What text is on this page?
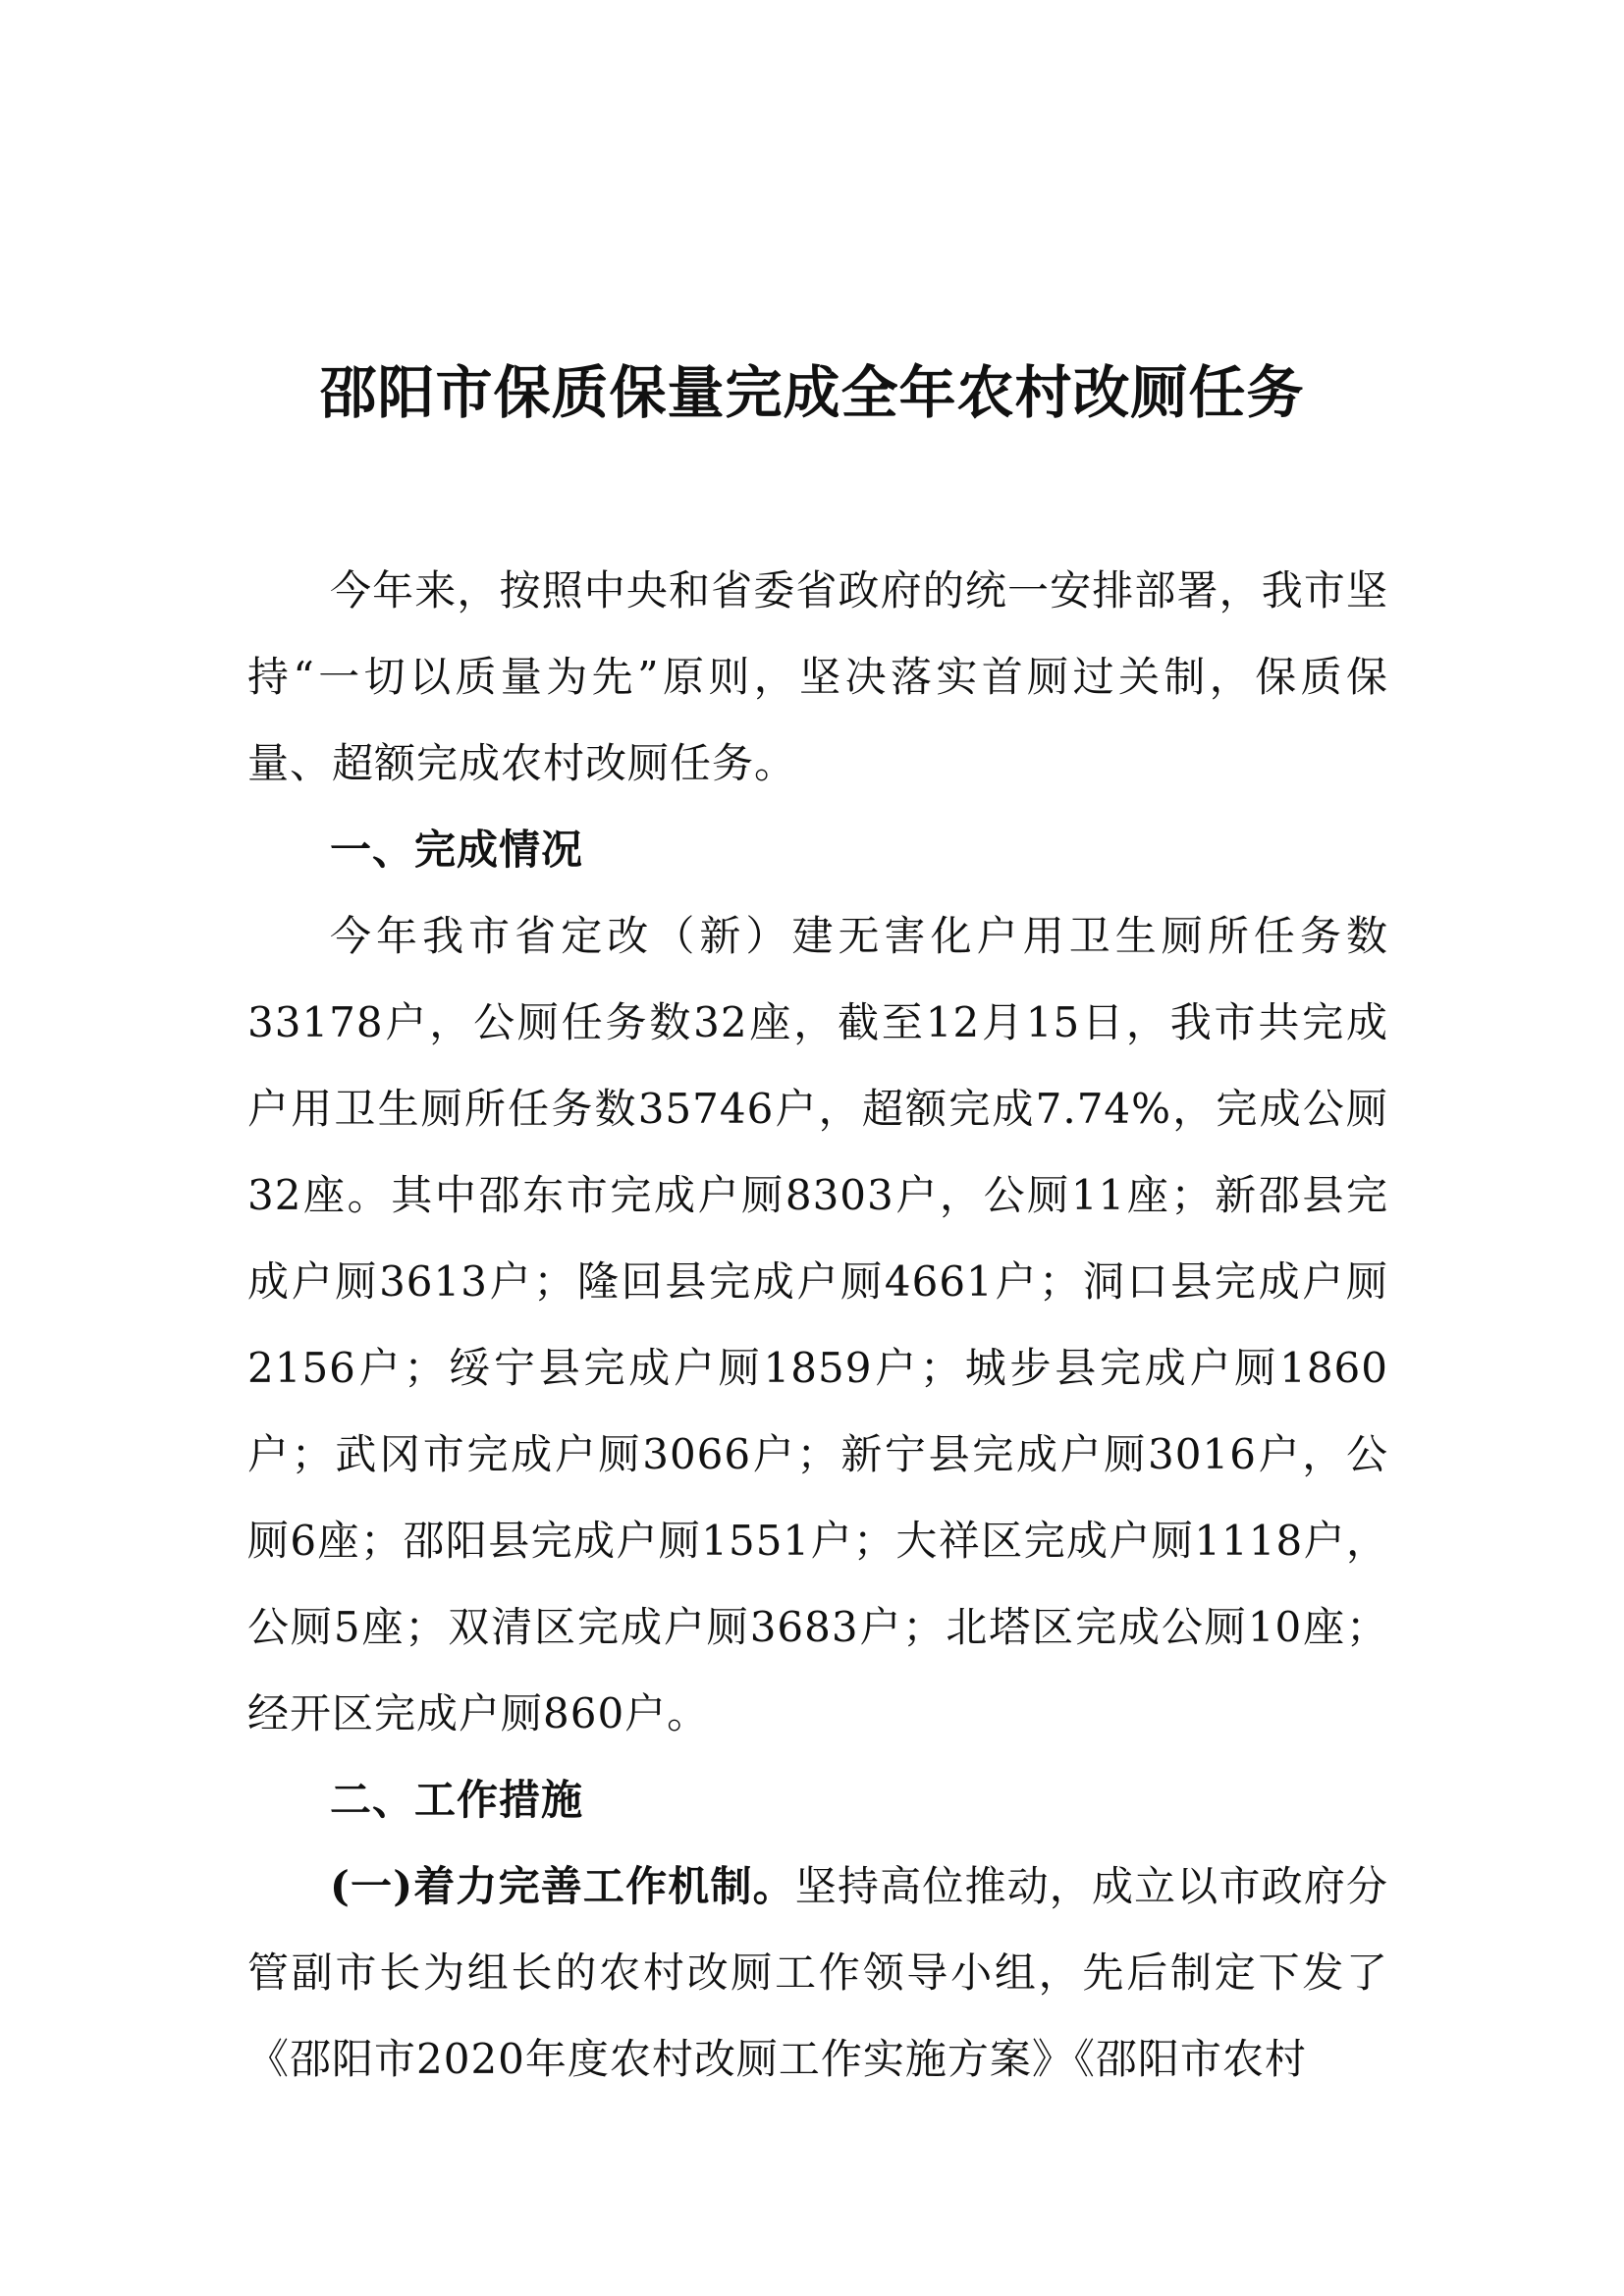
邵阳市保质保量完成全年农村改厕任务

今年来，按照中央和省委省政府的统一安排部署，我市坚持“一切以质量为先”原则，坚决落实首厕过关制，保质保量、超额完成农村改厕任务。

一、完成情况

今年我市省定改（新）建无害化户用卫生厕所任务数33178户，公厕任务数32座，截至12月15日，我市共完成户用卫生厕所任务数35746户，超额完成7.74%，完成公厕32座。其中邵东市完成户厕8303户，公厕11座；新邵县完成户厕3613户；隆回县完成户厕4661户；洞口县完成户厕2156户；绥宁县完成户厕1859户；城步县完成户厕1860户；武冈市完成户厕3066户；新宁县完成户厕3016户，公厕6座；邵阳县完成户厕1551户；大祥区完成户厕1118户，公厕5座；双清区完成户厕3683户；北塔区完成公厕10座；经开区完成户厕860户。

二、工作措施

(一)着力完善工作机制。坚持高位推动，成立以市政府分管副市长为组长的农村改厕工作领导小组，先后制定下发了《邵阳市2020年度农村改厕工作实施方案》《邵阳市农村
